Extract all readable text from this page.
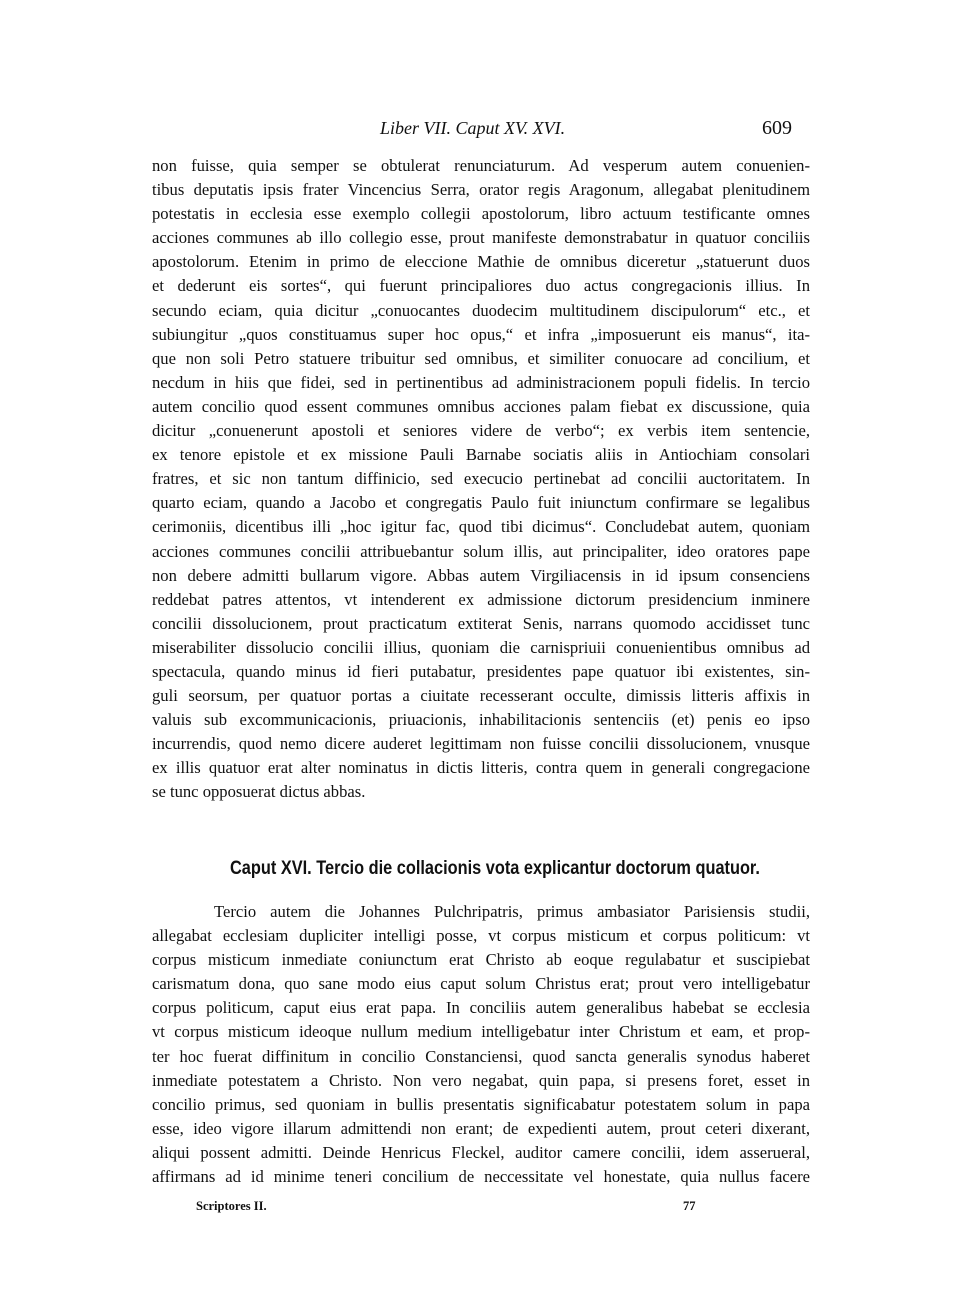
Liber VII. Caput XV. XVI.	609
non fuisse, quia semper se obtulerat renunciaturum. Ad vesperum autem conuenien-
tibus deputatis ipsis frater Vincencius Serra, orator regis Aragonum, allegabat plenitudinem
potestatis in ecclesia esse exemplo collegii apostolorum, libro actuum testificante omnes
acciones communes ab illo collegio esse, prout manifeste demonstrabatur in quatuor conciliis
apostolorum. Etenim in primo de eleccione Mathie de omnibus diceretur „statuerunt duos
et dederunt eis sortes“, qui fuerunt principaliores duo actus congregacionis illius. In
secundo eciam, quia dicitur „conuocantes duodecim multitudinem discipulorum“ etc., et
subiungitur „quos constituamus super hoc opus,“ et infra „imposuerunt eis manus“, ita-
que non soli Petro statuere tribuitur sed omnibus, et similiter conuocare ad concilium, et
necdum in hiis que fidei, sed in pertinentibus ad administracionem populi fidelis. In tercio
autem concilio quod essent communes omnibus acciones palam fiebat ex discussione, quia
dicitur „conuenerunt apostoli et seniores videre de verbo“; ex verbis item sentencie,
ex tenore epistole et ex missione Pauli Barnabe sociatis aliis in Antiochiam consolari
fratres, et sic non tantum diffinicio, sed execucio pertinebat ad concilii auctoritatem. In
quarto eciam, quando a Jacobo et congregatis Paulo fuit iniunctum confirmare se legalibus
cerimoniis, dicentibus illi „hoc igitur fac, quod tibi dicimus“. Concludebat autem, quoniam
acciones communes concilii attribuebantur solum illis, aut principaliter, ideo oratores pape
non debere admitti bullarum vigore. Abbas autem Virgiliacensis in id ipsum consenciens
reddebat patres attentos, vt intenderent ex admissione dictorum presidencium inminere
concilii dissolucionem, prout practicatum extiterat Senis, narrans quomodo accidisset tunc
miserabiliter dissolucio concilii illius, quoniam die carnispriuii conuenientibus omnibus ad
spectacula, quando minus id fieri putabatur, presidentes pape quatuor ibi existentes, sin-
guli seorsum, per quatuor portas a ciuitate recesserant occulte, dimissis litteris affixis in
valuis sub excommunicacionis, priuacionis, inhabilitacionis sentenciis (et) penis eo ipso
incurrendis, quod nemo dicere auderet legittimam non fuisse concilii dissolucionem, vnusque
ex illis quatuor erat alter nominatus in dictis litteris, contra quem in generali congregacione
se tunc opposuerat dictus abbas.
Caput XVI. Tercio die collacionis vota explicantur doctorum quatuor.
Tercio autem die Johannes Pulchripatris, primus ambasiator Parisiensis studii,
allegabat ecclesiam dupliciter intelligi posse, vt corpus misticum et corpus politicum: vt
corpus misticum inmediate coniunctum erat Christo ab eoque regulabatur et suscipiebat
carismatum dona, quo sane modo eius caput solum Christus erat; prout vero intelligebatur
corpus politicum, caput eius erat papa. In conciliis autem generalibus habebat se ecclesia
vt corpus misticum ideoque nullum medium intelligebatur inter Christum et eam, et prop-
ter hoc fuerat diffinitum in concilio Constanciensi, quod sancta generalis synodus haberet
inmediate potestatem a Christo. Non vero negabat, quin papa, si presens foret, esset in
concilio primus, sed quoniam in bullis presentatis significabatur potestatem solum in papa
esse, ideo vigore illarum admittendi non erant; de expedienti autem, prout ceteri dixerant,
aliqui possent admitti. Deinde Henricus Fleckel, auditor camere concilii, idem asserueral,
affirmans ad id minime teneri concilium de neccessitate vel honestate, quia nullus facere
Scriptores II.	77
